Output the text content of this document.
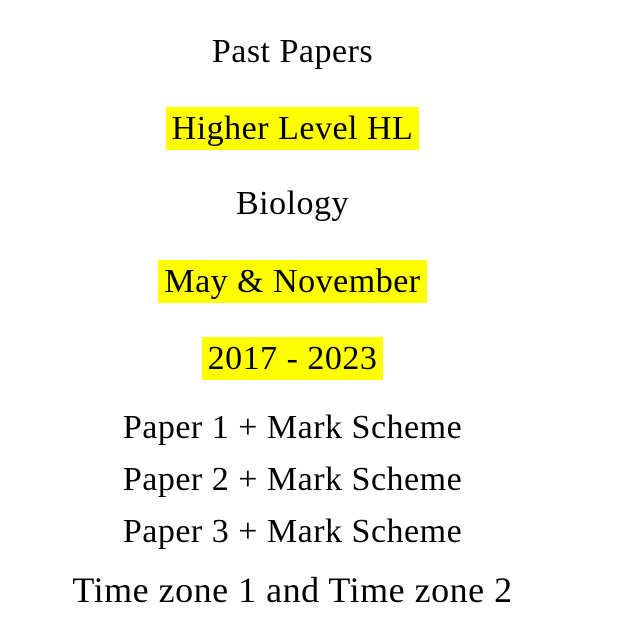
Past Papers
Higher Level HL
Biology
May & November
2017 - 2023
Paper 1 + Mark Scheme
Paper 2 + Mark Scheme
Paper 3 + Mark Scheme
Time zone 1 and Time zone 2
